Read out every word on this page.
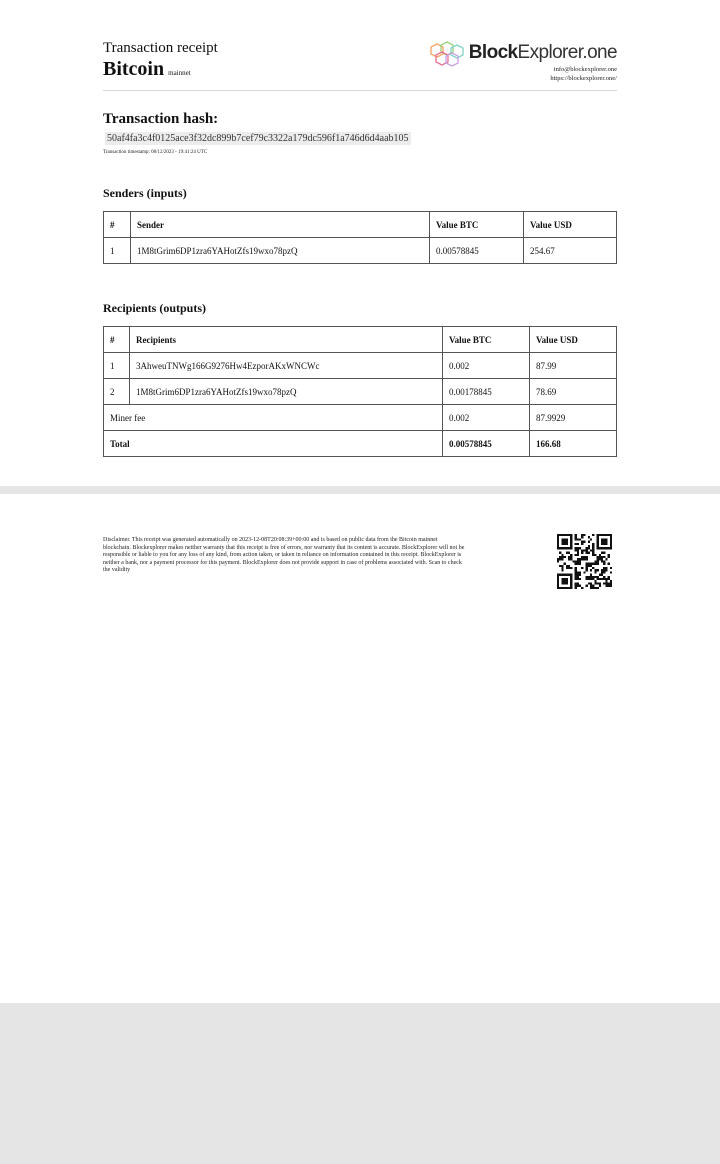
Transaction receipt
Bitcoin mainnet
BlockExplorer.one
info@blockexplorer.one
https://blockexplorer.one/
Transaction hash:
50af4fa3c4f0125ace3f32dc899b7cef79c3322a179dc596f1a746d6d4aab105
Transaction timestamp: 08/12/2023 - 19:41:24 UTC
Senders (inputs)
#	Sender	Value BTC	Value USD
1	1M8tGrim6DP1zra6YAHotZfs19wxo78pzQ	0.00578845	254.67
Recipients (outputs)
#	Recipients	Value BTC	Value USD
1	3AhweuTNWg166G9276Hw4EzporAKxWNCWc	0.002	87.99
2	1M8tGrim6DP1zra6YAHotZfs19wxo78pzQ	0.00178845	78.69
Miner fee		0.002	87.9929
Total		0.00578845	166.68
Disclaimer. This receipt was generated automatically on 2023-12-08T20:08:39+00:00 and is based on public data from the Bitcoin mainnet blockchain. Blockexplorer makes neither warranty that this receipt is free of errors, nor warranty that its content is accurate. BlockExplorer will not be responsible or liable to you for any loss of any kind, from action taken, or taken in reliance on information contained in this receipt. BlockExplorer is neither a bank, nor a payment processor for this payment. BlockExplorer does not provide support in case of problems associated with. Scan to check the validity
